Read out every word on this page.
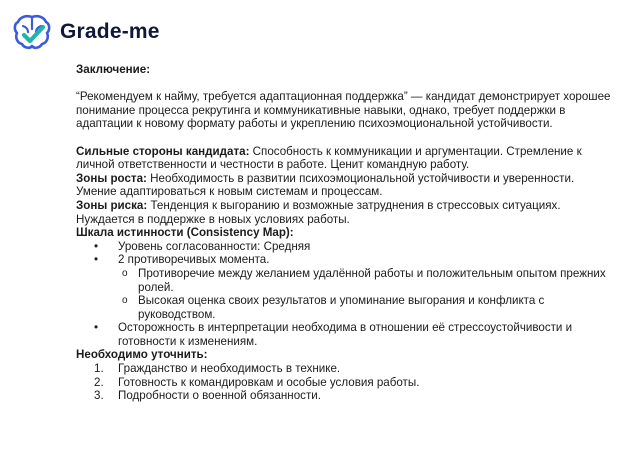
Grade-me

Заключение:

“Рекомендуем к найму, требуется адаптационная поддержка” — кандидат демонстрирует хорошее понимание процесса рекрутинга и коммуникативные навыки, однако, требует поддержки в адаптации к новому формату работы и укреплению психоэмоциональной устойчивости.

Сильные стороны кандидата: Способность к коммуникации и аргументации. Стремление к личной ответственности и честности в работе. Ценит командную работу.

Зоны роста: Необходимость в развитии психоэмоциональной устойчивости и уверенности. Умение адаптироваться к новым системам и процессам.

Зоны риска: Тенденция к выгоранию и возможные затруднения в стрессовых ситуациях. Нуждается в поддержке в новых условиях работы.

Шкала истинности (Consistency Map):

• Уровень согласованности: Средняя
• 2 противоречивых момента.
o Противоречие между желанием удалённой работы и положительным опытом прежних ролей.
o Высокая оценка своих результатов и упоминание выгорания и конфликта с руководством.
• Осторожность в интерпретации необходима в отношении её стрессоустойчивости и готовности к изменениям.

Необходимо уточнить:

1. Гражданство и необходимость в технике.
2. Готовность к командировкам и особые условия работы.
3. Подробности о военной обязанности.
